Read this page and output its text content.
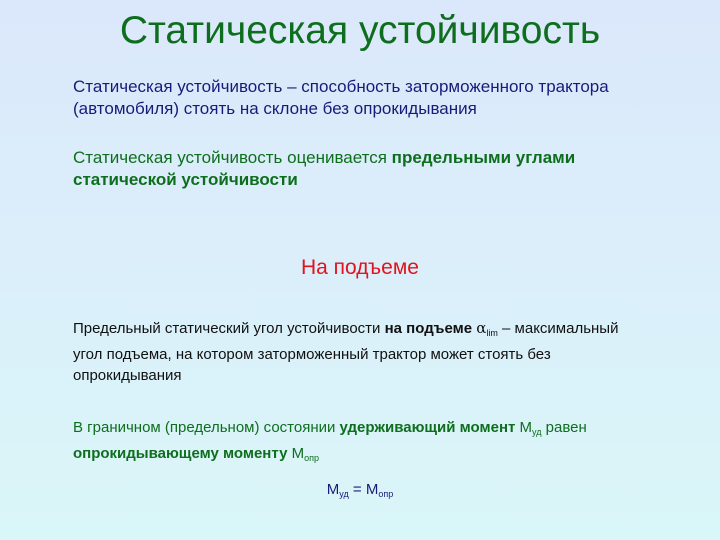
Статическая устойчивость
Статическая устойчивость – способность заторможенного трактора (автомобиля) стоять на склоне без опрокидывания
Статическая устойчивость оценивается предельными углами статической устойчивости
На подъеме
Предельный статический угол устойчивости на подъеме $\alpha_{lim}$ – максимальный угол подъема, на котором заторможенный трактор может стоять без опрокидывания
В граничном (предельном) состоянии удерживающий момент $M_{уд}$ равен опрокидывающему моменту $M_{опр}$
$M_{уд} = M_{опр}$
